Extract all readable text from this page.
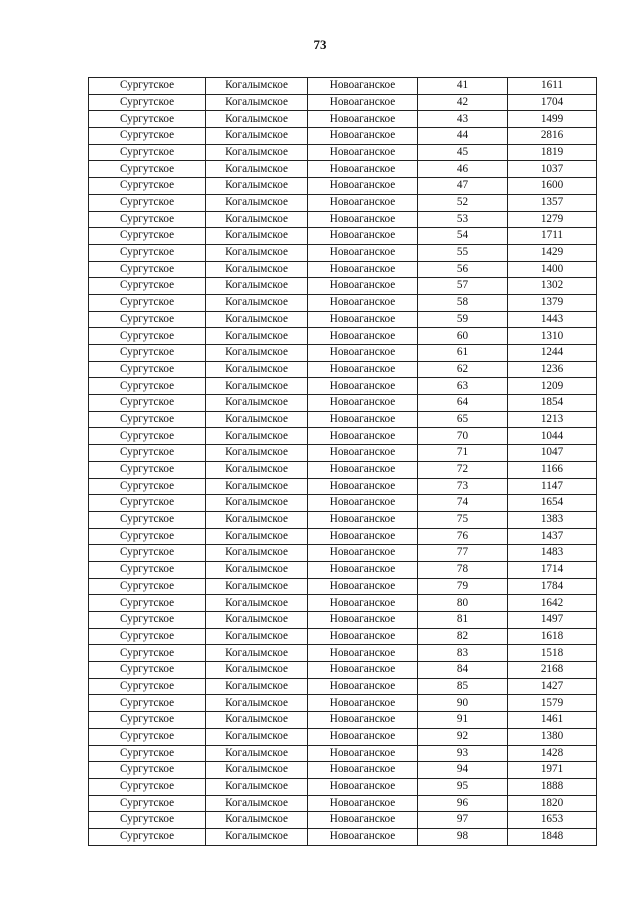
73
Сургутское	Когалымское	Новоаганское	41	1611
Сургутское	Когалымское	Новоаганское	42	1704
Сургутское	Когалымское	Новоаганское	43	1499
Сургутское	Когалымское	Новоаганское	44	2816
Сургутское	Когалымское	Новоаганское	45	1819
Сургутское	Когалымское	Новоаганское	46	1037
Сургутское	Когалымское	Новоаганское	47	1600
Сургутское	Когалымское	Новоаганское	52	1357
Сургутское	Когалымское	Новоаганское	53	1279
Сургутское	Когалымское	Новоаганское	54	1711
Сургутское	Когалымское	Новоаганское	55	1429
Сургутское	Когалымское	Новоаганское	56	1400
Сургутское	Когалымское	Новоаганское	57	1302
Сургутское	Когалымское	Новоаганское	58	1379
Сургутское	Когалымское	Новоаганское	59	1443
Сургутское	Когалымское	Новоаганское	60	1310
Сургутское	Когалымское	Новоаганское	61	1244
Сургутское	Когалымское	Новоаганское	62	1236
Сургутское	Когалымское	Новоаганское	63	1209
Сургутское	Когалымское	Новоаганское	64	1854
Сургутское	Когалымское	Новоаганское	65	1213
Сургутское	Когалымское	Новоаганское	70	1044
Сургутское	Когалымское	Новоаганское	71	1047
Сургутское	Когалымское	Новоаганское	72	1166
Сургутское	Когалымское	Новоаганское	73	1147
Сургутское	Когалымское	Новоаганское	74	1654
Сургутское	Когалымское	Новоаганское	75	1383
Сургутское	Когалымское	Новоаганское	76	1437
Сургутское	Когалымское	Новоаганское	77	1483
Сургутское	Когалымское	Новоаганское	78	1714
Сургутское	Когалымское	Новоаганское	79	1784
Сургутское	Когалымское	Новоаганское	80	1642
Сургутское	Когалымское	Новоаганское	81	1497
Сургутское	Когалымское	Новоаганское	82	1618
Сургутское	Когалымское	Новоаганское	83	1518
Сургутское	Когалымское	Новоаганское	84	2168
Сургутское	Когалымское	Новоаганское	85	1427
Сургутское	Когалымское	Новоаганское	90	1579
Сургутское	Когалымское	Новоаганское	91	1461
Сургутское	Когалымское	Новоаганское	92	1380
Сургутское	Когалымское	Новоаганское	93	1428
Сургутское	Когалымское	Новоаганское	94	1971
Сургутское	Когалымское	Новоаганское	95	1888
Сургутское	Когалымское	Новоаганское	96	1820
Сургутское	Когалымское	Новоаганское	97	1653
Сургутское	Когалымское	Новоаганское	98	1848
